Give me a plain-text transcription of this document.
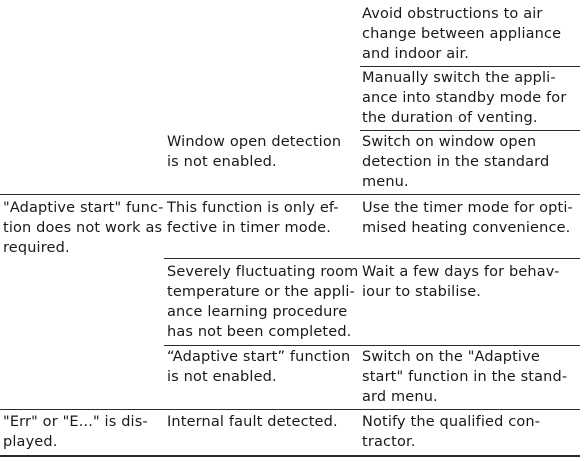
Avoid obstructions to air
change between appliance
and indoor air.
Manually switch the appli-
ance into standby mode for
the duration of venting.
Window open detection
is not enabled.
Switch on window open
detection in the standard
menu.
"Adaptive start" func-
tion does not work as
required.
This function is only ef-
fective in timer mode.
Use the timer mode for opti-
mised heating convenience.
Severely fluctuating room
temperature or the appli-
ance learning procedure
has not been completed.
Wait a few days for behav-
iour to stabilise.
“Adaptive start” function
is not enabled.
Switch on the "Adaptive
start" function in the stand-
ard menu.
"Err" or "E..." is dis-
played.
Internal fault detected.	Notify the qualified con-
tractor.
